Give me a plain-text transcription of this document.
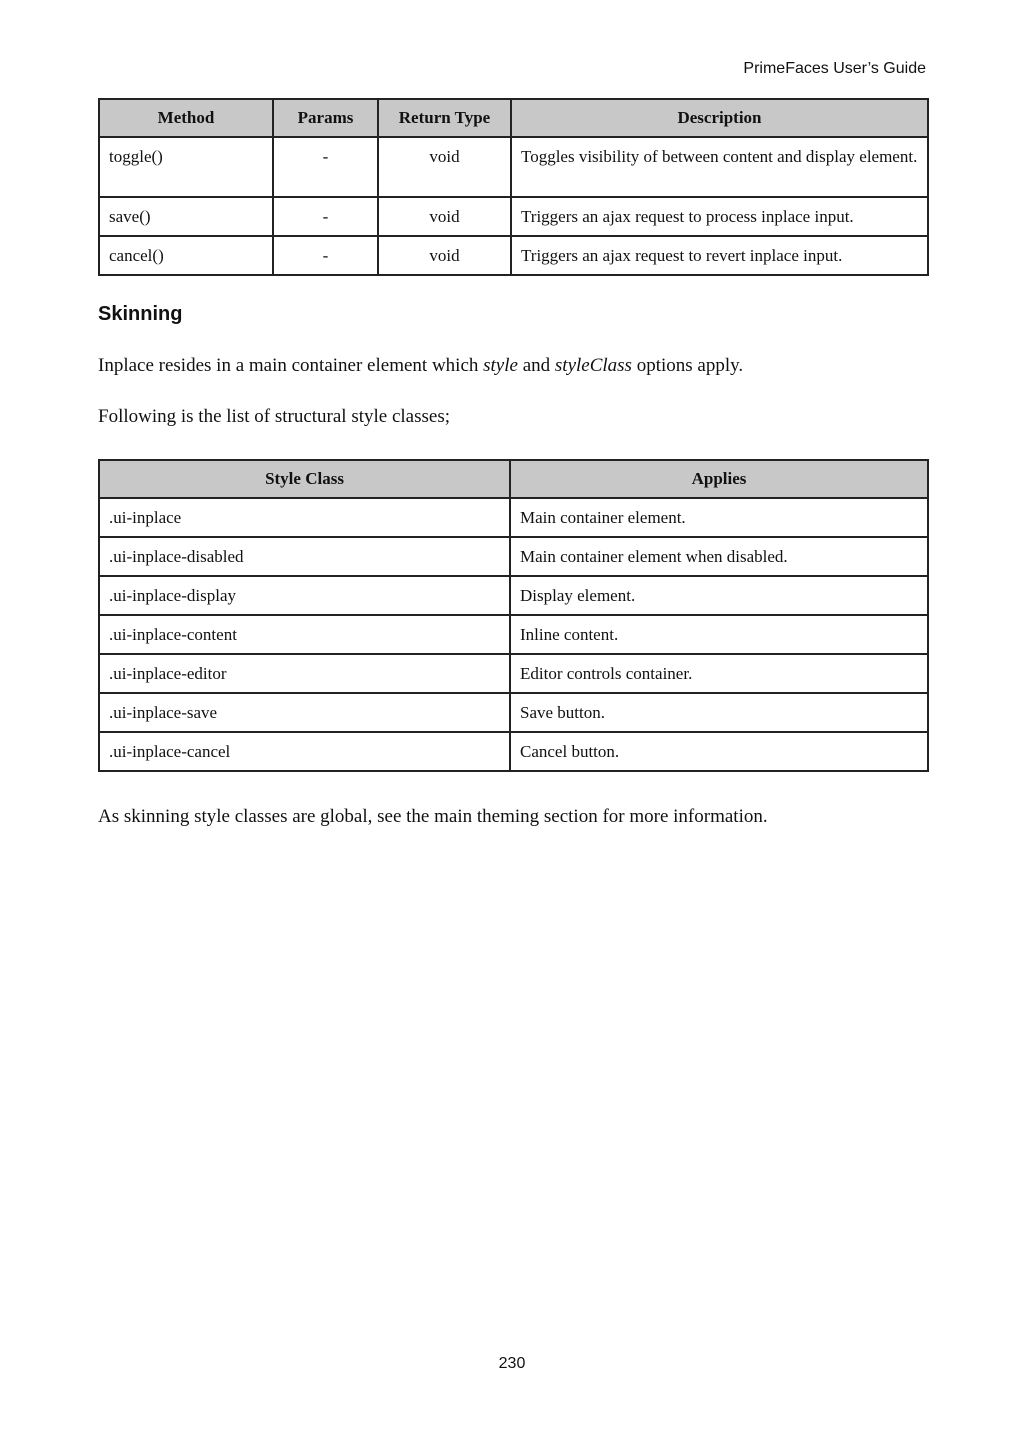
PrimeFaces User’s Guide
Method	Params	Return Type	Description
toggle()	-	void	Toggles visibility of between content and display element.
save()	-	void	Triggers an ajax request to process inplace input.
cancel()	-	void	Triggers an ajax request to revert inplace input.
Skinning

Inplace resides in a main container element which style and styleClass options apply.

Following is the list of structural style classes;

Style Class	Applies
.ui-inplace	Main container element.
.ui-inplace-disabled	Main container element when disabled.
.ui-inplace-display	Display element.
.ui-inplace-content	Inline content.
.ui-inplace-editor	Editor controls container.
.ui-inplace-save	Save button.
.ui-inplace-cancel	Cancel button.

As skinning style classes are global, see the main theming section for more information.

230
